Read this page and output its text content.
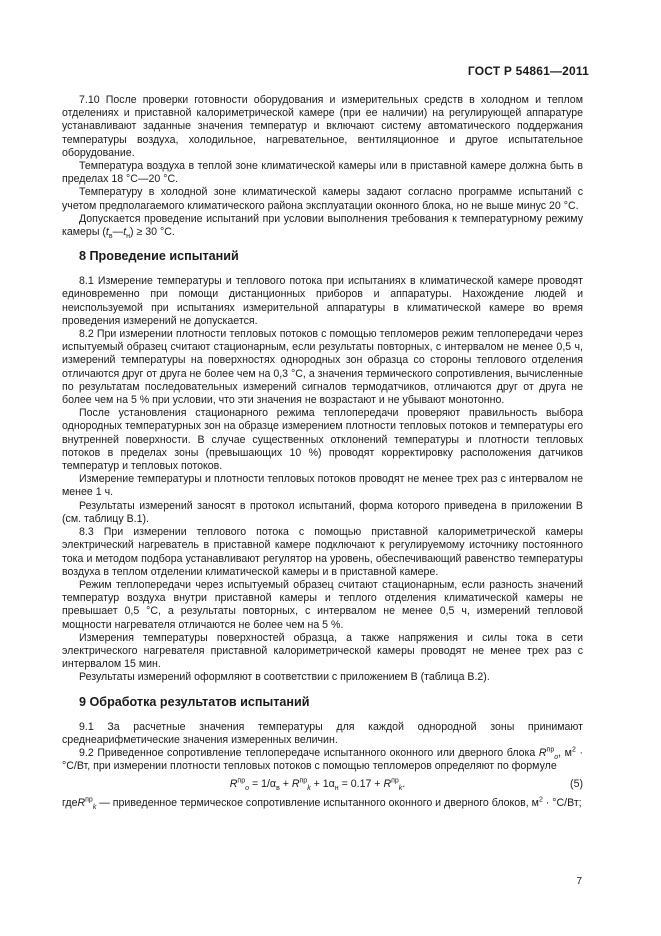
ГОСТ Р 54861—2011

7.10 После проверки готовности оборудования и измерительных средств в холодном и теплом отделениях и приставной калориметрической камере (при ее наличии) на регулирующей аппаратуре устанавливают заданные значения температур и включают систему автоматического поддержания температуры воздуха, холодильное, нагревательное, вентиляционное и другое испытательное оборудование.

Температура воздуха в теплой зоне климатической камеры или в приставной камере должна быть в пределах 18 °С—20 °С.

Температуру в холодной зоне климатической камеры задают согласно программе испытаний с учетом предполагаемого климатического района эксплуатации оконного блока, но не выше минус 20 °С.

Допускается проведение испытаний при условии выполнения требования к температурному режиму камеры $(t_в—t_н) \ge 30$ °С.

8 Проведение испытаний

8.1 Измерение температуры и теплового потока при испытаниях в климатической камере проводят единовременно при помощи дистанционных приборов и аппаратуры. Нахождение людей и неиспользуемой при испытаниях измерительной аппаратуры в климатической камере во время проведения измерений не допускается.

8.2 При измерении плотности тепловых потоков с помощью тепломеров режим теплопередачи через испытуемый образец считают стационарным, если результаты повторных, с интервалом не менее 0,5 ч, измерений температуры на поверхностях однородных зон образца со стороны теплового отделения отличаются друг от друга не более чем на 0,3 °С, а значения термического сопротивления, вычисленные по результатам последовательных измерений сигналов термодатчиков, отличаются друг от друга не более чем на 5 % при условии, что эти значения не возрастают и не убывают монотонно.

После установления стационарного режима теплопередачи проверяют правильность выбора однородных температурных зон на образце измерением плотности тепловых потоков и температуры его внутренней поверхности. В случае существенных отклонений температуры и плотности тепловых потоков в пределах зоны (превышающих 10 %) проводят корректировку расположения датчиков температур и тепловых потоков.

Измерение температуры и плотности тепловых потоков проводят не менее трех раз с интервалом не менее 1 ч.

Результаты измерений заносят в протокол испытаний, форма которого приведена в приложении В (см. таблицу В.1).

8.3 При измерении теплового потока с помощью приставной калориметрической камеры электрический нагреватель в приставной камере подключают к регулируемому источнику постоянного тока и методом подбора устанавливают регулятор на уровень, обеспечивающий равенство температуры воздуха в теплом отделении климатической камеры и в приставной камере.

Режим теплопередачи через испытуемый образец считают стационарным, если разность значений температур воздуха внутри приставной камеры и теплого отделения климатической камеры не превышает 0,5 °С, а результаты повторных, с интервалом не менее 0,5 ч, измерений тепловой мощности нагревателя отличаются не более чем на 5 %.

Измерения температуры поверхностей образца, а также напряжения и силы тока в сети электрического нагревателя приставной калориметрической камеры проводят не менее трех раз с интервалом 15 мин.

Результаты измерений оформляют в соответствии с приложением В (таблица В.2).

9 Обработка результатов испытаний

9.1 За расчетные значения температуры для каждой однородной зоны принимают среднеарифметические значения измеренных величин.

9.2 Приведенное сопротивление теплопередаче испытанного оконного или дверного блока $R^{пр}_о$, $м^2 \cdot ^\circ С/Вт$, при измерении плотности тепловых потоков с помощью тепломеров определяют по формуле

$R^{пр}_о = 1/\alpha_в + R^{пр}_k + 1\alpha_н = 0.17 + R^{пр}_k$.	(5)

гдеR$^{пр}_k$ — приведенное термическое сопротивление испытанного оконного и дверного блоков, $м^2 \cdot ^\circ С/Вт$;

7
